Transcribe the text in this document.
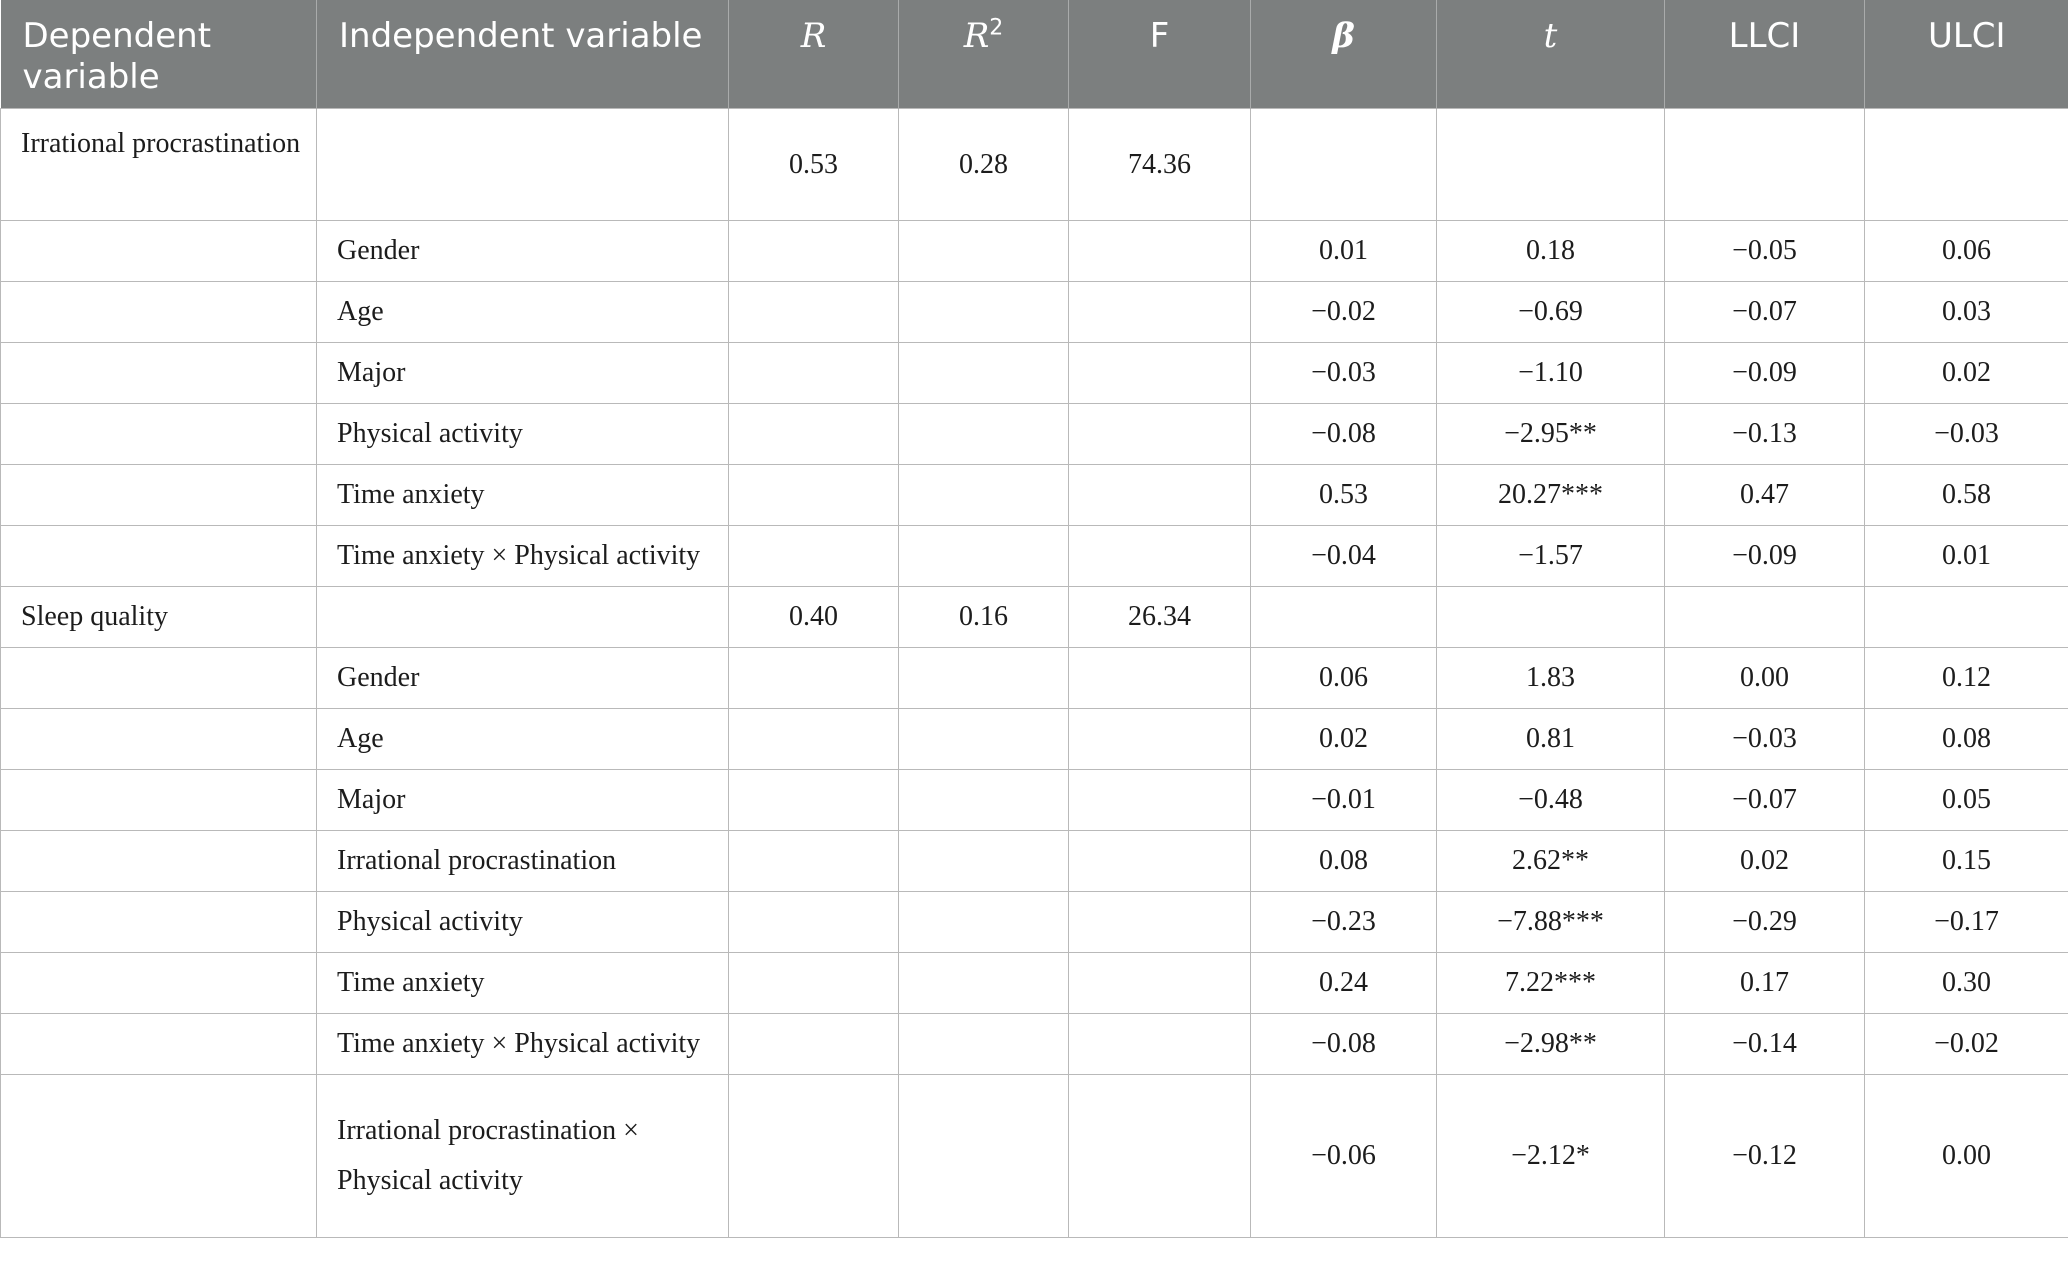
Dependent variable	Independent variable	R	$R^2$	F	β	t	LLCI	ULCI
Irrational procrastination		0.53	0.28	74.36				
	Gender				0.01	0.18	−0.05	0.06
	Age				−0.02	−0.69	−0.07	0.03
	Major				−0.03	−1.10	−0.09	0.02
	Physical activity				−0.08	−2.95**	−0.13	−0.03
	Time anxiety				0.53	20.27***	0.47	0.58
	Time anxiety × Physical activity				−0.04	−1.57	−0.09	0.01
Sleep quality		0.40	0.16	26.34				
	Gender				0.06	1.83	0.00	0.12
	Age				0.02	0.81	−0.03	0.08
	Major				−0.01	−0.48	−0.07	0.05
	Irrational procrastination				0.08	2.62**	0.02	0.15
	Physical activity				−0.23	−7.88***	−0.29	−0.17
	Time anxiety				0.24	7.22***	0.17	0.30
	Time anxiety × Physical activity				−0.08	−2.98**	−0.14	−0.02
	Irrational procrastination × Physical activity				−0.06	−2.12*	−0.12	0.00
